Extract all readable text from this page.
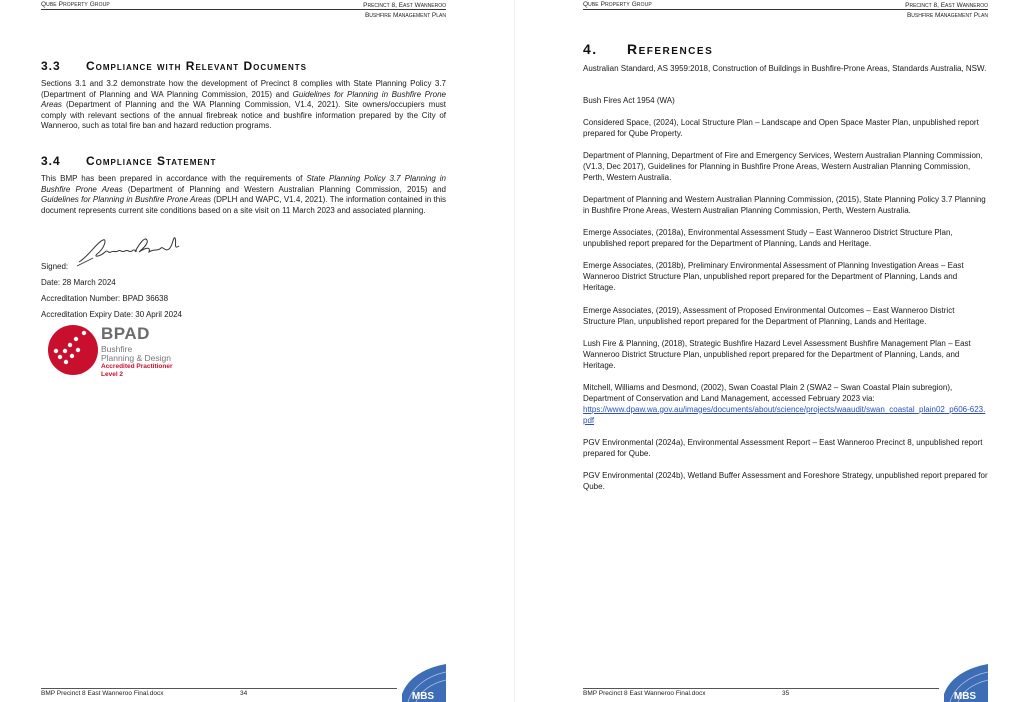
Qube Property Group	Precinct 8, East Wanneroo
Bushfire Management Plan
3.3 Compliance with Relevant Documents
Sections 3.1 and 3.2 demonstrate how the development of Precinct 8 complies with State Planning Policy 3.7 (Department of Planning and WA Planning Commission, 2015) and Guidelines for Planning in Bushfire Prone Areas (Department of Planning and the WA Planning Commission, V1.4, 2021). Site owners/occupiers must comply with relevant sections of the annual firebreak notice and bushfire information prepared by the City of Wanneroo, such as total fire ban and hazard reduction programs.
3.4 Compliance Statement
This BMP has been prepared in accordance with the requirements of State Planning Policy 3.7 Planning in Bushfire Prone Areas (Department of Planning and Western Australian Planning Commission, 2015) and Guidelines for Planning in Bushfire Prone Areas (DPLH and WAPC, V1.4, 2021). The information contained in this document represents current site conditions based on a site visit on 11 March 2023 and associated planning.
Signed:
Date: 28 March 2024
Accreditation Number: BPAD 36638
Accreditation Expiry Date: 30 April 2024
BPAD
Bushfire
Planning & Design
Accredited Practitioner
Level 2
BMP Precinct 8 East Wanneroo Final.docx	34	MBS
Qube Property Group	Precinct 8, East Wanneroo
Bushfire Management Plan
4. References
Australian Standard, AS 3959:2018, Construction of Buildings in Bushfire-Prone Areas, Standards Australia, NSW.
Bush Fires Act 1954 (WA)
Considered Space, (2024), Local Structure Plan – Landscape and Open Space Master Plan, unpublished report prepared for Qube Property.
Department of Planning, Department of Fire and Emergency Services, Western Australian Planning Commission, (V1.3, Dec 2017), Guidelines for Planning in Bushfire Prone Areas, Western Australian Planning Commission, Perth, Western Australia.
Department of Planning and Western Australian Planning Commission, (2015), State Planning Policy 3.7 Planning in Bushfire Prone Areas, Western Australian Planning Commission, Perth, Western Australia.
Emerge Associates, (2018a), Environmental Assessment Study – East Wanneroo District Structure Plan, unpublished report prepared for the Department of Planning, Lands and Heritage.
Emerge Associates, (2018b), Preliminary Environmental Assessment of Planning Investigation Areas – East Wanneroo District Structure Plan, unpublished report prepared for the Department of Planning, Lands and Heritage.
Emerge Associates, (2019), Assessment of Proposed Environmental Outcomes – East Wanneroo District Structure Plan, unpublished report prepared for the Department of Planning, Lands and Heritage.
Lush Fire & Planning, (2018), Strategic Bushfire Hazard Level Assessment Bushfire Management Plan – East Wanneroo District Structure Plan, unpublished report prepared for the Department of Planning, Lands, and Heritage.
Mitchell, Williams and Desmond, (2002), Swan Coastal Plain 2 (SWA2 – Swan Coastal Plain subregion), Department of Conservation and Land Management, accessed February 2023 via:
https://www.dpaw.wa.gov.au/images/documents/about/science/projects/waaudit/swan_coastal_plain02_p606-623.pdf
PGV Environmental (2024a), Environmental Assessment Report – East Wanneroo Precinct 8, unpublished report prepared for Qube.
PGV Environmental (2024b), Wetland Buffer Assessment and Foreshore Strategy, unpublished report prepared for Qube.
BMP Precinct 8 East Wanneroo Final.docx	35	MBS
